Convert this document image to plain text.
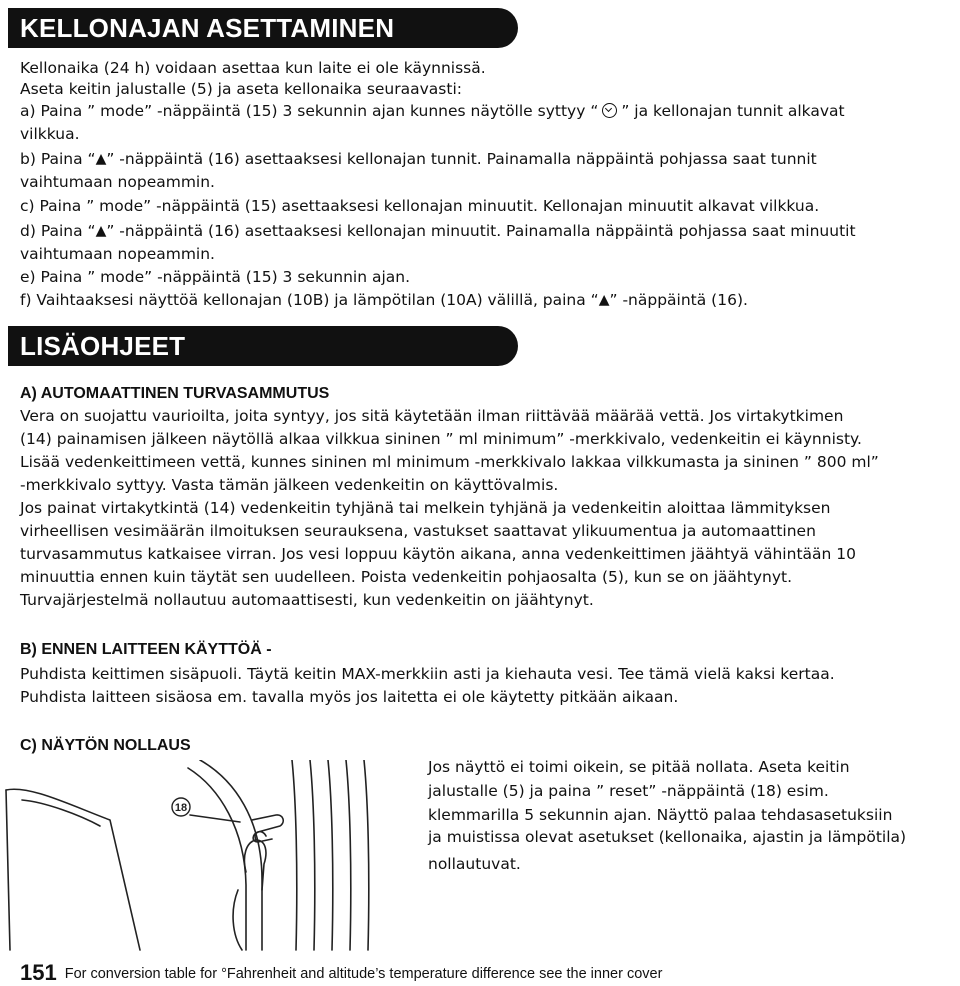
KELLONAJAN ASETTAMINEN
Kellonaika (24 h) voidaan asettaa kun laite ei ole käynnissä.
Aseta keitin jalustalle (5) ja aseta kellonaika seuraavasti:
a) Paina ” mode” -näppäintä (15) 3 sekunnin ajan kunnes näytölle syttyy “ ” ja kellonajan tunnit alkavat
vilkkua.
b) Paina “▲” -näppäintä (16) asettaaksesi kellonajan tunnit. Painamalla näppäintä pohjassa saat tunnit
vaihtumaan nopeammin.
c) Paina ” mode” -näppäintä (15) asettaaksesi kellonajan minuutit. Kellonajan minuutit alkavat vilkkua.
d) Paina “▲” -näppäintä (16) asettaaksesi kellonajan minuutit. Painamalla näppäintä pohjassa saat minuutit
vaihtumaan nopeammin.
e) Paina ” mode” -näppäintä (15) 3 sekunnin ajan.
f) Vaihtaaksesi näyttöä kellonajan (10B) ja lämpötilan (10A) välillä, paina “▲” -näppäintä (16).
LISÄOHJEET
A) AUTOMAATTINEN TURVASAMMUTUS
Vera on suojattu vaurioilta, joita syntyy, jos sitä käytetään ilman riittävää määrää vettä. Jos virtakytkimen
(14) painamisen jälkeen näytöllä alkaa vilkkua sininen ” ml minimum” -merkkivalo, vedenkeitin ei käynnisty.
Lisää vedenkeittimeen vettä, kunnes sininen ml minimum -merkkivalo lakkaa vilkkumasta ja sininen ” 800 ml”
-merkkivalo syttyy. Vasta tämän jälkeen vedenkeitin on käyttövalmis.
Jos painat virtakytkintä (14) vedenkeitin tyhjänä tai melkein tyhjänä ja vedenkeitin aloittaa lämmityksen
virheellisen vesimäärän ilmoituksen seurauksena, vastukset saattavat ylikuumentua ja automaattinen
turvasammutus katkaisee virran. Jos vesi loppuu käytön aikana, anna vedenkeittimen jäähtyä vähintään 10
minuuttia ennen kuin täytät sen uudelleen. Poista vedenkeitin pohjaosalta (5), kun se on jäähtynyt.
Turvajärjestelmä nollautuu automaattisesti, kun vedenkeitin on jäähtynyt.
B) ENNEN LAITTEEN KÄYTTÖÄ -
Puhdista keittimen sisäpuoli. Täytä keitin MAX-merkkiin asti ja kiehauta vesi. Tee tämä vielä kaksi kertaa.
Puhdista laitteen sisäosa em. tavalla myös jos laitetta ei ole käytetty pitkään aikaan.
C) NÄYTÖN NOLLAUS
18
Jos näyttö ei toimi oikein, se pitää nollata. Aseta keitin
jalustalle (5) ja paina ” reset” -näppäintä (18) esim.
klemmarilla 5 sekunnin ajan. Näyttö palaa tehdasasetuksiin
ja muistissa olevat asetukset (kellonaika, ajastin ja lämpötila)
nollautuvat.
151 For conversion table for °Fahrenheit and altitude’s temperature difference see the inner cover
